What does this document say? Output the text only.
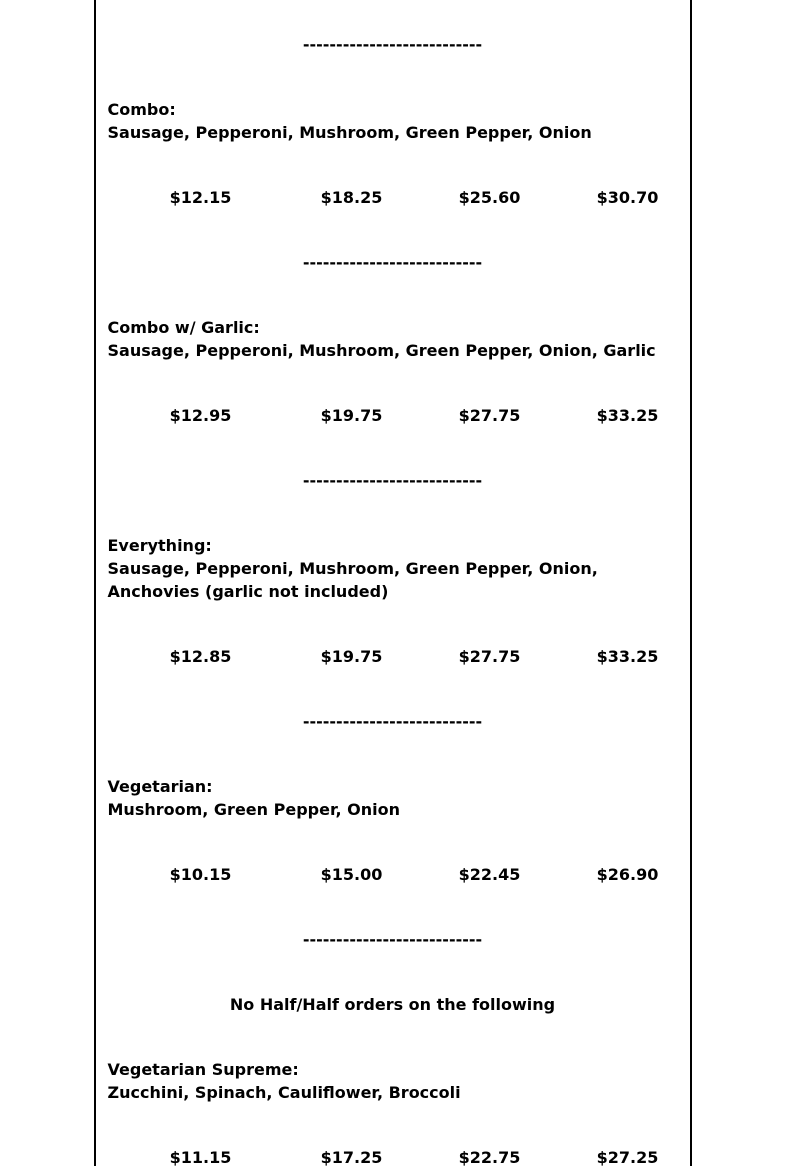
---------------------------
Combo:
Sausage, Pepperoni, Mushroom, Green Pepper, Onion
$12.15	$18.25	$25.60	$30.70
---------------------------
Combo w/ Garlic:
Sausage, Pepperoni, Mushroom, Green Pepper, Onion, Garlic
$12.95	$19.75	$27.75	$33.25
---------------------------
Everything:
Sausage, Pepperoni, Mushroom, Green Pepper, Onion, Anchovies (garlic not included)
$12.85	$19.75	$27.75	$33.25
---------------------------
Vegetarian:
Mushroom, Green Pepper, Onion
$10.15	$15.00	$22.45	$26.90
---------------------------
No Half/Half orders on the following
Vegetarian Supreme:
Zucchini, Spinach, Cauliflower, Broccoli
$11.15	$17.25	$22.75	$27.25
